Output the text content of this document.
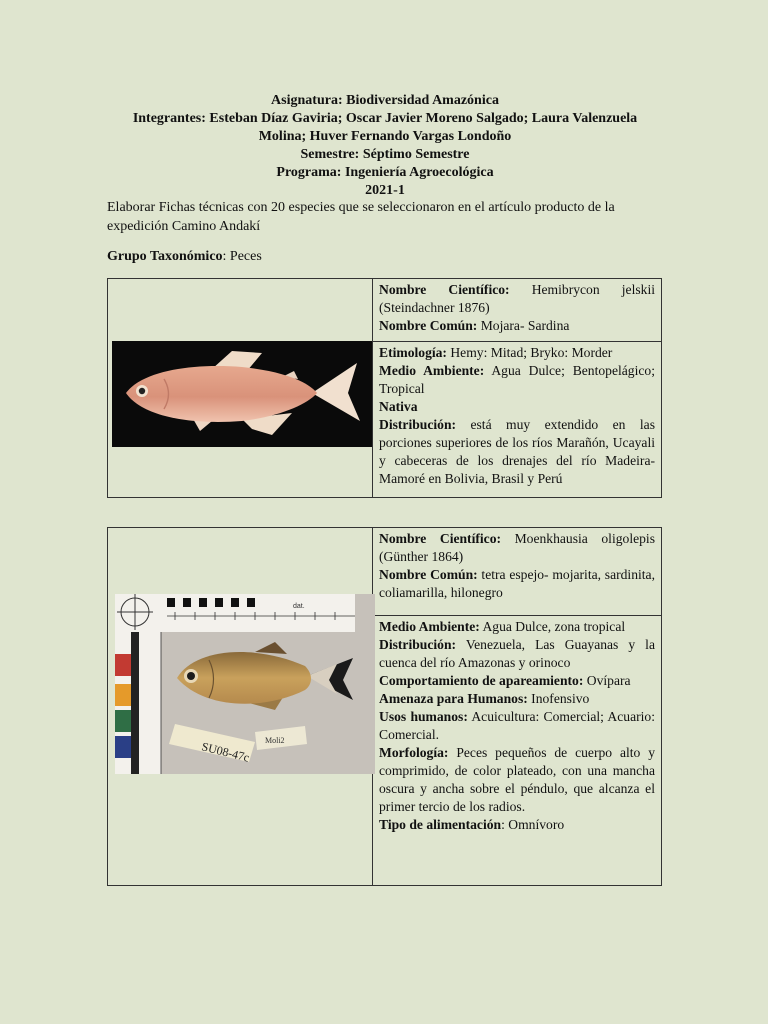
Asignatura: Biodiversidad Amazónica
Integrantes: Esteban Díaz Gaviria; Oscar Javier Moreno Salgado; Laura Valenzuela
Molina; Huver Fernando Vargas Londoño
Semestre: Séptimo Semestre
Programa: Ingeniería Agroecológica
2021-1
Elaborar Fichas técnicas con 20 especies que se seleccionaron en el artículo producto de la expedición Camino Andakí
Grupo Taxonómico: Peces
	Nombre Científico: Hemibrycon jelskii (Steindachner 1876)
Nombre Común: Mojara- Sardina
Etimología: Hemy: Mitad; Bryko: Morder
Medio Ambiente: Agua Dulce; Bentopelágico; Tropical
Nativa
Distribución: está muy extendido en las porciones superiores de los ríos Marañón, Ucayali y cabeceras de los drenajes del río Madeira-Mamoré en Bolivia, Brasil y Perú
dat.
SU08-47c Moli2
	Nombre Científico: Moenkhausia oligolepis (Günther 1864)
Nombre Común: tetra espejo- mojarita, sardinita, coliamarilla, hilonegro
Medio Ambiente: Agua Dulce, zona tropical
Distribución: Venezuela, Las Guayanas y la cuenca del río Amazonas y orinoco
Comportamiento de apareamiento: Ovípara
Amenaza para Humanos: Inofensivo
Usos humanos: Acuicultura: Comercial; Acuario: Comercial.
Morfología: Peces pequeños de cuerpo alto y comprimido, de color plateado, con una mancha oscura y ancha sobre el péndulo, que alcanza el primer tercio de los radios.
Tipo de alimentación: Omnívoro
